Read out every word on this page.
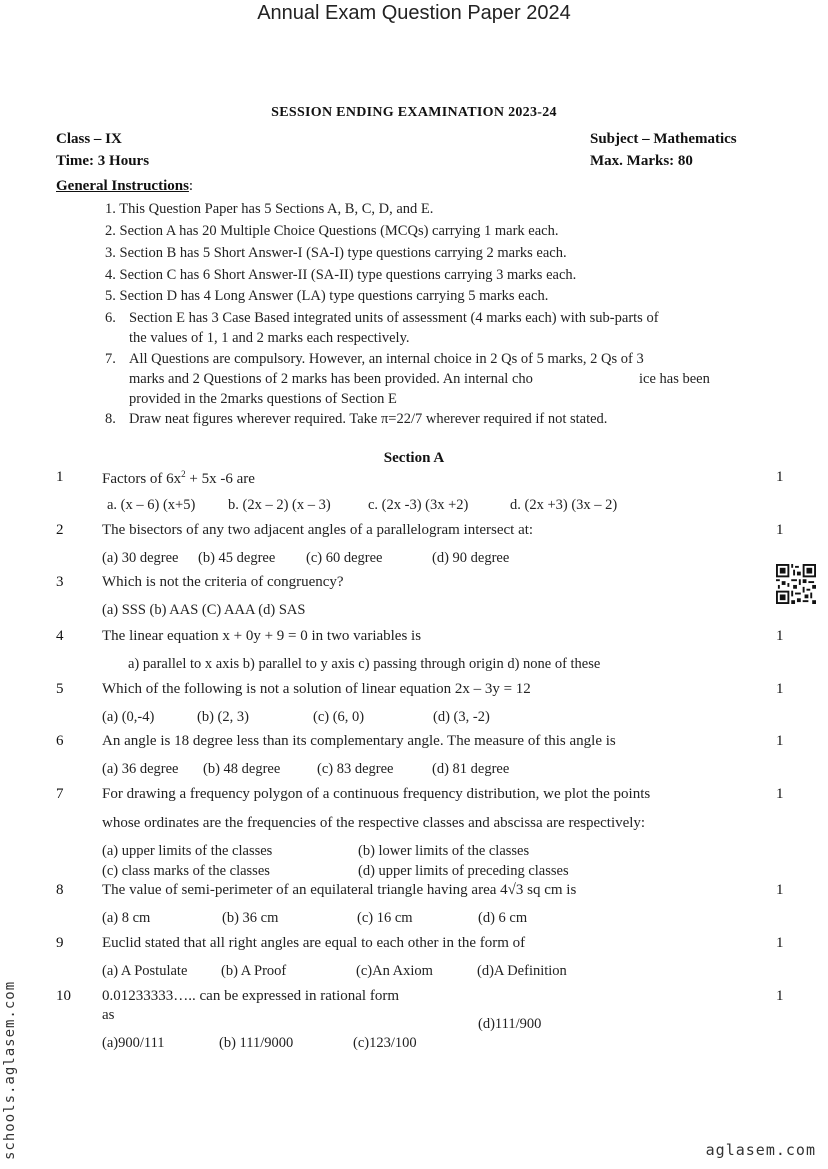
Annual Exam Question Paper 2024
SESSION ENDING EXAMINATION 2023-24
Class – IX
Time: 3 Hours
Subject – Mathematics
Max. Marks: 80
General Instructions:
1. This Question Paper has 5 Sections A, B, C, D, and E.
2. Section A has 20 Multiple Choice Questions (MCQs) carrying 1 mark each.
3. Section B has 5 Short Answer-I (SA-I) type questions carrying 2 marks each.
4. Section C has 6 Short Answer-II (SA-II) type questions carrying 3 marks each.
5. Section D has 4 Long Answer (LA) type questions carrying 5 marks each.
6. Section E has 3 Case Based integrated units of assessment (4 marks each) with sub-parts of
the values of 1, 1 and 2 marks each respectively.
7. All Questions are compulsory. However, an internal choice in 2 Qs of 5 marks, 2 Qs of 3
marks and 2 Questions of 2 marks has been provided. An internal cho	ice has been
provided in the 2marks questions of Section E
8. Draw neat figures wherever required. Take π=22/7 wherever required if not stated.
Section A
1	Factors of $6x^2 + 5x$ -6 are	1
a. (x – 6) (x+5) b. (2x – 2) (x – 3)	c. (2x -3) (3x +2)	d. (2x +3) (3x – 2)
2	The bisectors of any two adjacent angles of a parallelogram intersect at:	1
(a) 30 degree (b) 45 degree (c) 60 degree	(d) 90 degree
3	Which is not the criteria of congruency?
(a) SSS (b) AAS (C) AAA (d) SAS
4	The linear equation x + 0y + 9 = 0 in two variables is	1
a) parallel to x axis b) parallel to y axis c) passing through origin d) none of these
5	Which of the following is not a solution of linear equation 2x – 3y = 12	1
(a) (0,-4)	(b) (2, 3)	(c) (6, 0)	(d) (3, -2)
6	An angle is 18 degree less than its complementary angle. The measure of this angle is	1
(a) 36 degree (b) 48 degree	(c) 83 degree	(d) 81 degree
7	For drawing a frequency polygon of a continuous frequency distribution, we plot the points	1
whose ordinates are the frequencies of the respective classes and abscissa are respectively:
(a) upper limits of the classes	(b) lower limits of the classes
(c) class marks of the classes	(d) upper limits of preceding classes
8	The value of semi-perimeter of an equilateral triangle having area 4√3 sq cm is	1
(a) 8 cm	(b) 36 cm	(c) 16 cm	(d) 6 cm
9	Euclid stated that all right angles are equal to each other in the form of	1
(a) A Postulate (b) A Proof	(c)An Axiom	(d)A Definition
10 0.01233333….. can be expressed in rational form	1
as
(d)111/900
(a)900/111	(b) 111/9000	(c)123/100
schools.aglasem.com	aglasem.com
